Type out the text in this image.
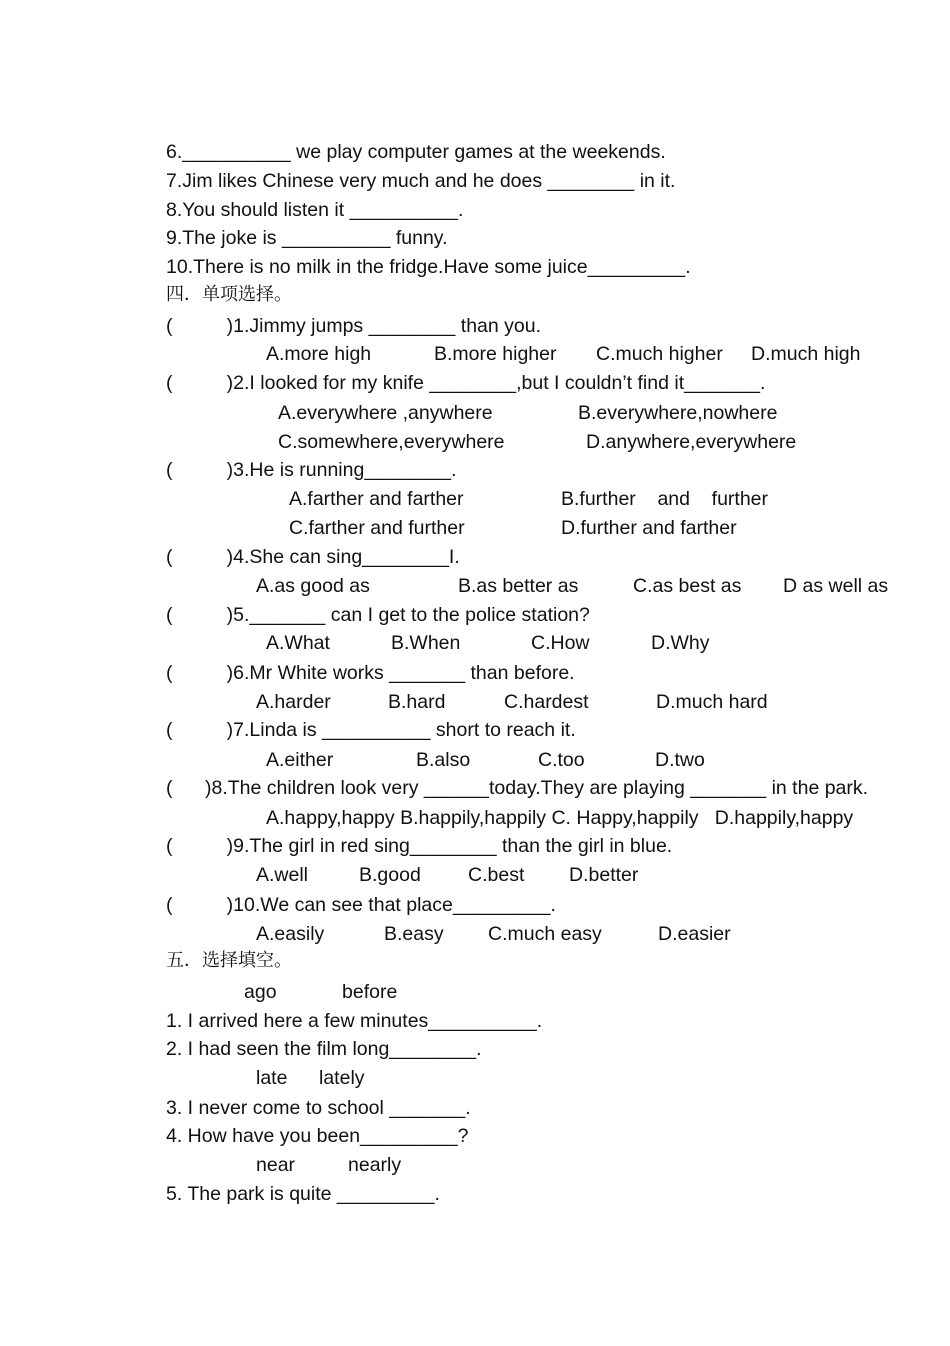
6.__________ we play computer games at the weekends.
7.Jim likes Chinese very much and he does ________ in it.
8.You should listen it __________.
9.The joke is __________ funny.
10.There is no milk in the fridge.Have some juice_________.
四．单项选择。
(          )1.Jimmy jumps ________ than you.
A.more high	B.more higher C.much higher D.much high
(          )2.I looked for my knife ________,but I couldn’t find it_______.
A.everywhere ,anywhere	B.everywhere,nowhere
C.somewhere,everywhere	D.anywhere,everywhere
(          )3.He is running________.
A.farther and farther	B.further    and    further
C.farther and further	D.further and farther
(          )4.She can sing________I.
A.as good as	B.as better as	C.as best as D as well as
(          )5._______ can I get to the police station?
A.What	B.When	C.How	D.Why
(          )6.Mr White works _______ than before.
A.harder	B.hard	C.hardest	D.much hard
(          )7.Linda is __________ short to reach it.
A.either	B.also	C.too	D.two
(      )8.The children look very ______today.They are playing _______ in the park.
A.happy,happy B.happily,happily C. Happy,happily   D.happily,happy
(          )9.The girl in red sing________ than the girl in blue.
A.well	B.good C.best D.better
(          )10.We can see that place_________.
A.easily	B.easy C.much easy	D.easier
五．选择填空。
ago	before
1. I arrived here a few minutes__________.
2. I had seen the film long________.
late lately
3. I never come to school _______.
4. How have you been_________?
near	nearly
5. The park is quite _________.
